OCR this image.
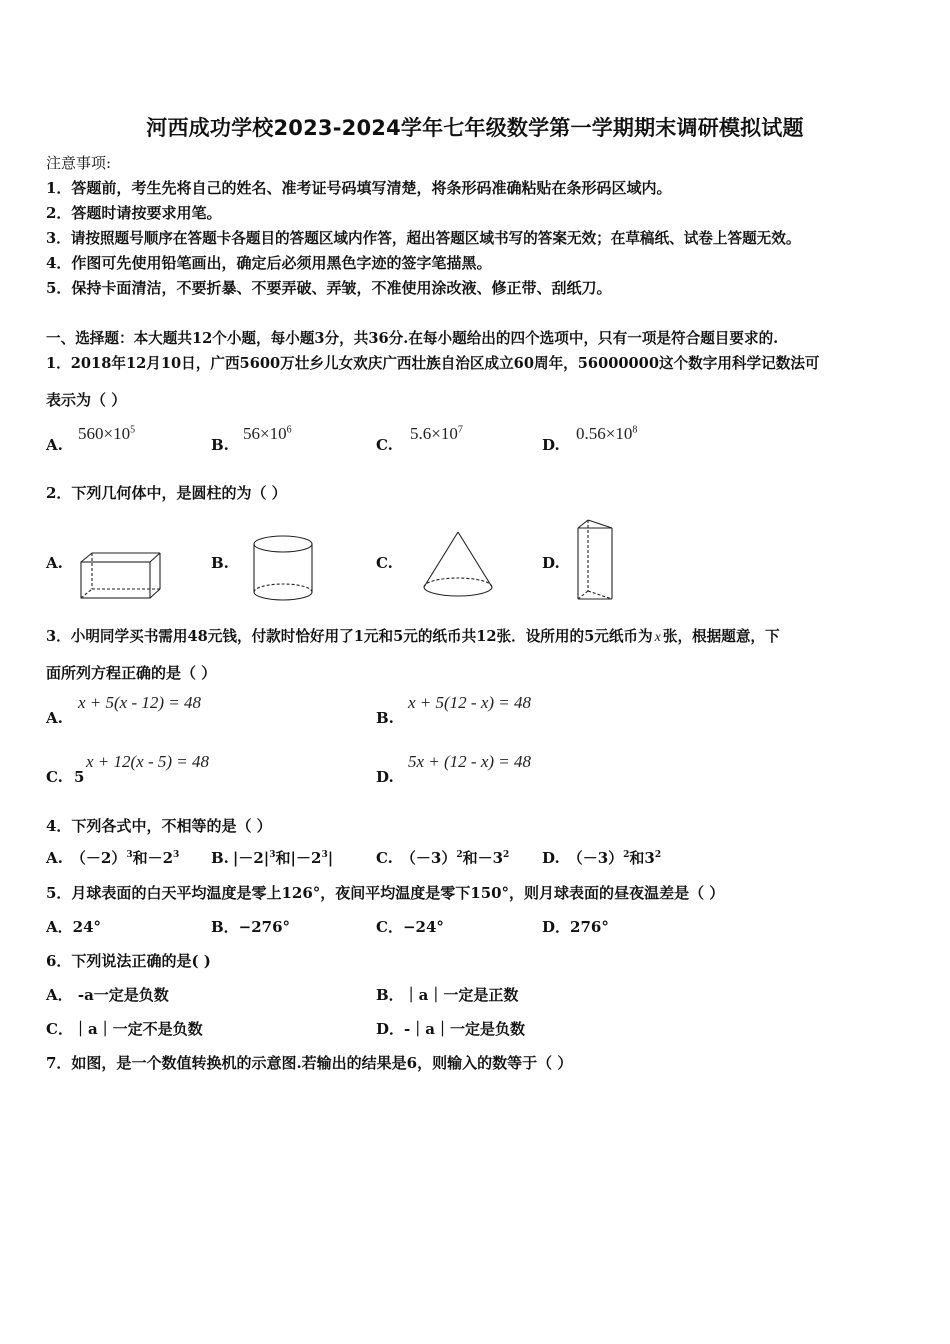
河西成功学校2023-2024学年七年级数学第一学期期末调研模拟试题
注意事项:
1．答题前，考生先将自己的姓名、准考证号码填写清楚，将条形码准确粘贴在条形码区域内。
2．答题时请按要求用笔。
3．请按照题号顺序在答题卡各题目的答题区域内作答，超出答题区域书写的答案无效；在草稿纸、试卷上答题无效。
4．作图可先使用铅笔画出，确定后必须用黑色字迹的签字笔描黑。
5．保持卡面清洁，不要折暴、不要弄破、弄皱，不准使用涂改液、修正带、刮纸刀。
一、选择题：本大题共12个小题，每小题3分，共36分.在每小题给出的四个选项中，只有一项是符合题目要求的.
1．2018年12月10日，广西5600万壮乡儿女欢庆广西壮族自治区成立60周年，56000000这个数字用科学记数法可
表示为（ ）
A.
$560\times 10^5$
B.
$56\times 10^6$
C.
$5.6\times 10^7$
D.
$0.56\times 10^8$
2．下列几何体中，是圆柱的为（ ）
A.	B.	C.	D.
3．小明同学买书需用48元钱，付款时恰好用了1元和5元的纸币共12张．设所用的5元纸币为 x 张，根据题意，下
面所列方程正确的是（ ）
A.
x + 5(x - 12) = 48
B.
x + 5(12 - x) = 48
C. 5
x + 12(x - 5) = 48
D.
5x + (12 - x) = 48
4．下列各式中，不相等的是（ ）
A. $(-2)^3$和$-2^3$ B. $|-2|^3$和$|-2^3|$	C. $(-3)^2$和$-3^2$ D. $(-3)^2$和$3^2$
5．月球表面的白天平均温度是零上126°，夜间平均温度是零下150°，则月球表面的昼夜温差是（ ）
A．24°	B．−276°	C．−24°	D．276°
6．下列说法正确的是( )
A． -a一定是负数	B．｜a｜一定是正数
C．｜a｜一定不是负数	D．-｜a｜一定是负数
7．如图，是一个数值转换机的示意图.若输出的结果是6，则输入的数等于（ ）
